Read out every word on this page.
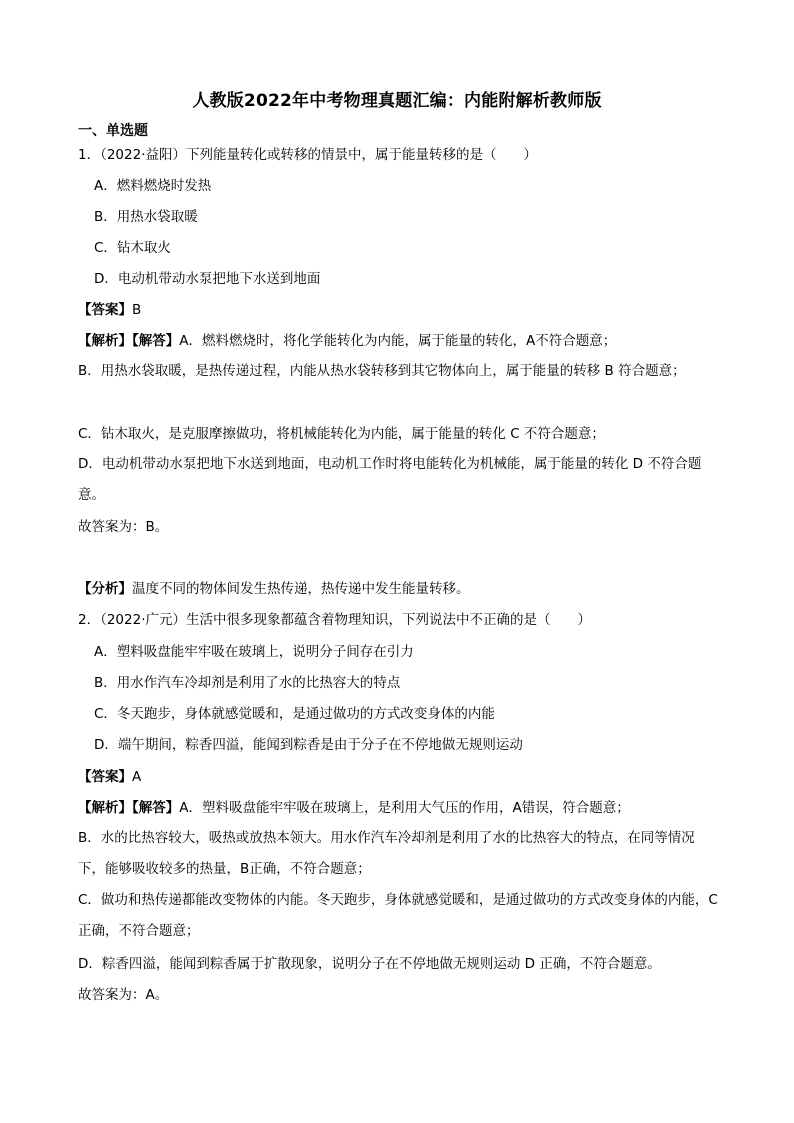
人教版2022年中考物理真题汇编：内能附解析教师版
一、单选题
1．（2022·益阳）下列能量转化或转移的情景中，属于能量转移的是（　　）
A．燃料燃烧时发热
B．用热水袋取暖
C．钻木取火
D．电动机带动水泵把地下水送到地面
【答案】B
【解析】【解答】A．燃料燃烧时，将化学能转化为内能，属于能量的转化，A不符合题意；
B．用热水袋取暖，是热传递过程，内能从热水袋转移到其它物体向上，属于能量的转移 B 符合题意；
C．钻木取火，是克服摩擦做功，将机械能转化为内能，属于能量的转化 C 不符合题意；
D．电动机带动水泵把地下水送到地面，电动机工作时将电能转化为机械能，属于能量的转化 D 不符合题意。
故答案为：B。
【分析】温度不同的物体间发生热传递，热传递中发生能量转移。
2．（2022·广元）生活中很多现象都蕴含着物理知识，下列说法中不正确的是（　　）
A．塑料吸盘能牢牢吸在玻璃上，说明分子间存在引力
B．用水作汽车冷却剂是利用了水的比热容大的特点
C．冬天跑步，身体就感觉暖和，是通过做功的方式改变身体的内能
D．端午期间，粽香四溢，能闻到粽香是由于分子在不停地做无规则运动
【答案】A
【解析】【解答】A．塑料吸盘能牢牢吸在玻璃上，是利用大气压的作用，A错误，符合题意；
B．水的比热容较大，吸热或放热本领大。用水作汽车冷却剂是利用了水的比热容大的特点，在同等情况下，能够吸收较多的热量，B正确，不符合题意；
C．做功和热传递都能改变物体的内能。冬天跑步，身体就感觉暖和，是通过做功的方式改变身体的内能，C正确，不符合题意；
D．粽香四溢，能闻到粽香属于扩散现象，说明分子在不停地做无规则运动 D 正确，不符合题意。
故答案为：A。
